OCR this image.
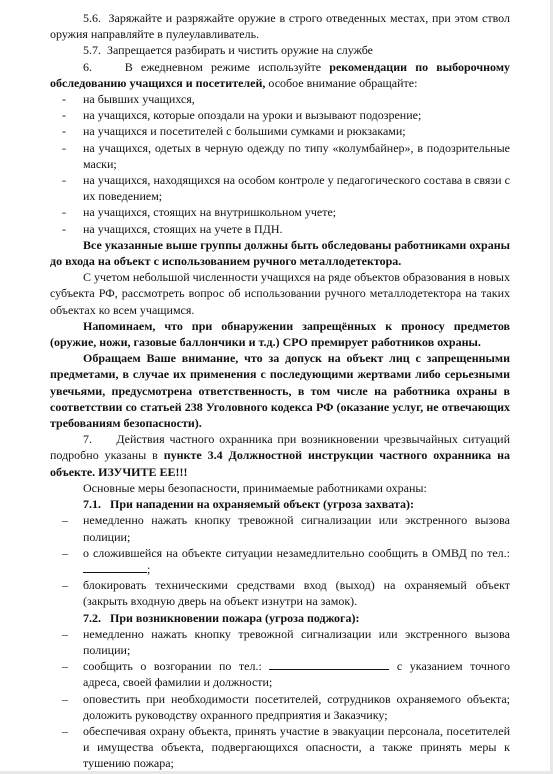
5.6.  Заряжайте и разряжайте оружие в строго отведенных местах, при этом ствол оружия направляйте в пулеулавливатель.

5.7.  Запрещается разбирать и чистить оружие на службе

6.    В ежедневном режиме используйте рекомендации по выборочному обследованию учащихся и посетителей, особое внимание обращайте:

-	на бывших учащихся,
-	на учащихся, которые опоздали на уроки и вызывают подозрение;
-	на учащихся и посетителей с большими сумками и рюкзаками;
-	на учащихся, одетых в черную одежду по типу «колумбайнер», в подозрительные маски;
-	на учащихся, находящихся на особом контроле у педагогического состава в связи с их поведением;
-	на учащихся, стоящих на внутришкольном учете;
-	на учащихся, стоящих на учете в ПДН.

Все указанные выше группы должны быть обследованы работниками охраны до входа на объект с использованием ручного металлодетектора.

С учетом небольшой численности учащихся на ряде объектов образования в новых субъекта РФ, рассмотреть вопрос об использовании ручного металлодетектора на таких объектах ко всем учащимся.

Напоминаем, что при обнаружении запрещённых к проносу предметов (оружие, ножи, газовые баллончики и т.д.) СРО премирует работников охраны.

Обращаем Ваше внимание, что за допуск на объект лиц с запрещенными предметами, в случае их применения с последующими жертвами либо серьезными увечьями, предусмотрена ответственность, в том числе на работника охраны в соответствии со статьей 238 Уголовного кодекса РФ (оказание услуг, не отвечающих требованиям безопасности).

7.     Действия частного охранника при возникновении чрезвычайных ситуаций подробно указаны в пункте 3.4 Должностной инструкции частного охранника на объекте. ИЗУЧИТЕ ЕЕ!!!

Основные меры безопасности, принимаемые работниками охраны:

7.1.   При нападении на охраняемый объект (угроза захвата):

–	немедленно нажать кнопку тревожной сигнализации или экстренного вызова полиции;
–	о сложившейся на объекте ситуации незамедлительно сообщить в ОМВД по тел.: ;
–	блокировать техническими средствами вход (выход) на охраняемый объект (закрыть входную дверь на объект изнутри на замок).

7.2.   При возникновении пожара (угроза поджога):

–	немедленно нажать кнопку тревожной сигнализации или экстренного вызова полиции;
–	сообщить о возгорании по тел.:	с указанием точного адреса, своей фамилии и должности;
–	оповестить при необходимости посетителей, сотрудников охраняемого объекта; доложить руководству охранного предприятия и Заказчику;
–	обеспечивая охрану объекта, принять участие в эвакуации персонала, посетителей и имущества объекта, подвергающихся опасности, а также принять меры к тушению пожара;
